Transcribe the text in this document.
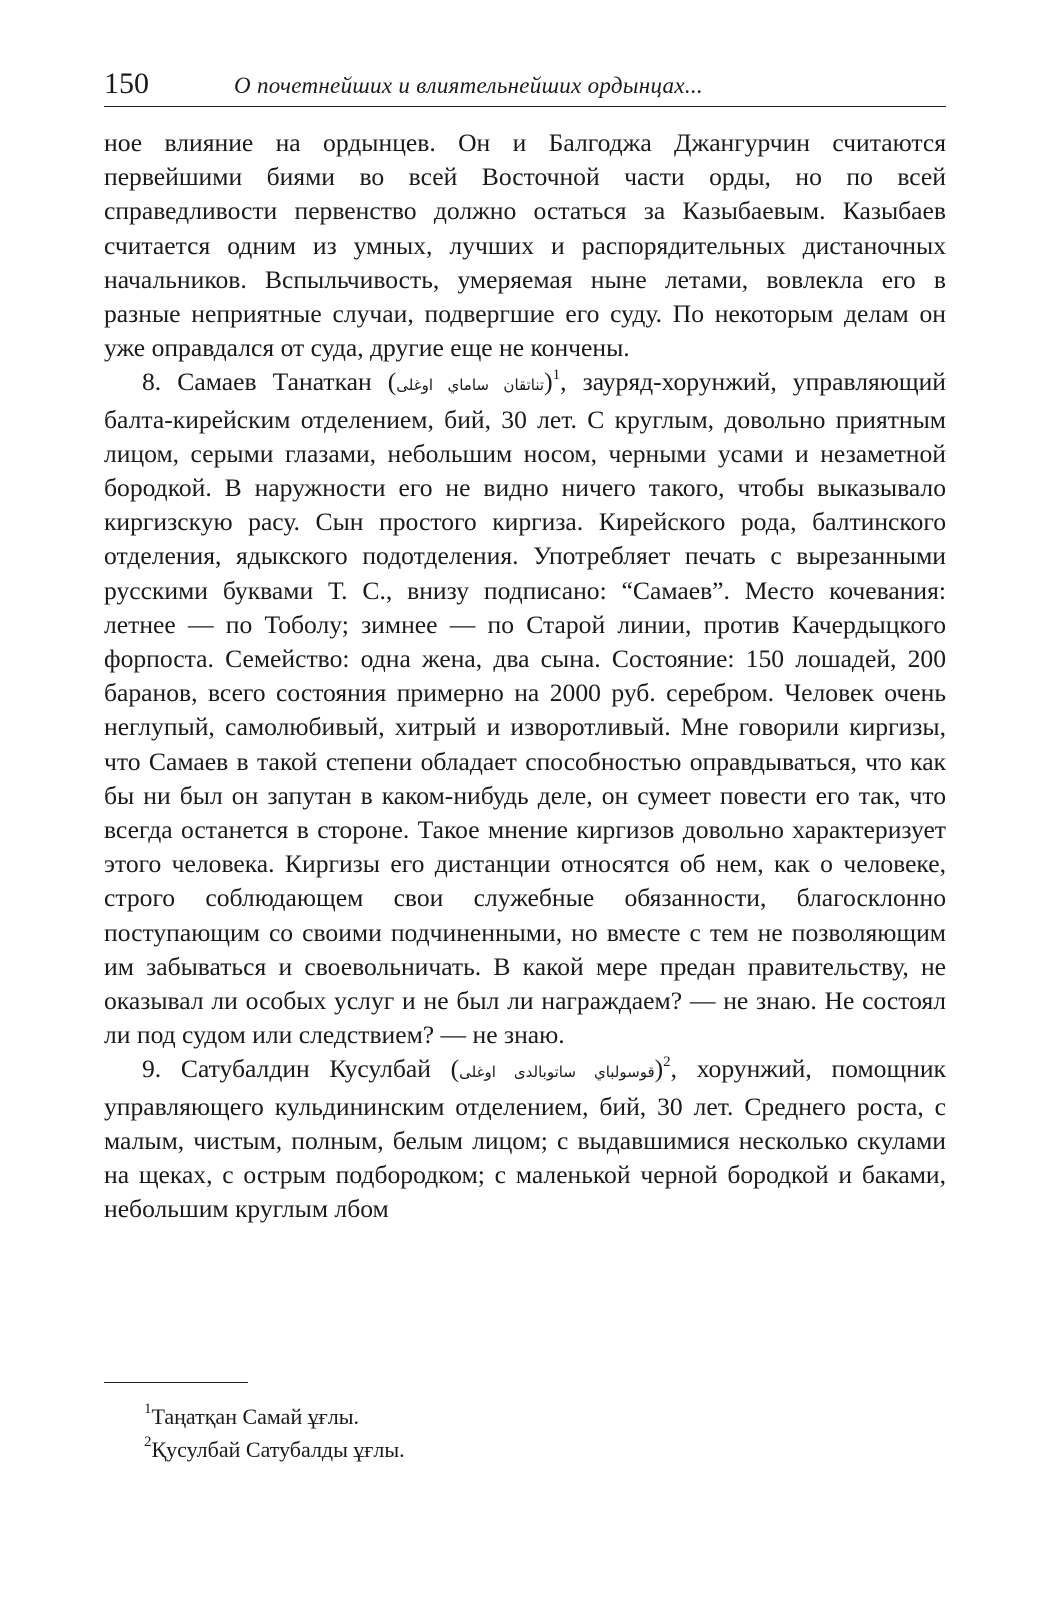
150	О почетнейших и влиятельнейших ордынцах...

ное влияние на ордынцев. Он и Балгоджа Джангурчин считаются первейшими биями во всей Восточной части орды, но по всей справедливости первенство должно остаться за Казыбаевым. Казыбаев считается одним из умных, лучших и распорядительных дистаночных начальников. Вспыльчивость, умеряемая ныне летами, вовлекла его в разные неприятные случаи, подвергшие его суду. По некоторым делам он уже оправдался от суда, другие еще не кончены.

8. Самаев Танаткан (ﺗﻨﺎﺗﻘﺎﻥ ﺳﺎﻣﺎﻱ ﺍﻭﻏﻠﻰ)$^1$, зауряд-хорунжий, управляющий балта-кирейским отделением, бий, 30 лет. С круглым, довольно приятным лицом, серыми глазами, небольшим носом, черными усами и незаметной бородкой. В наружности его не видно ничего такого, чтобы выказывало киргизскую расу. Сын простого киргиза. Кирейского рода, балтинского отделения, ядыкского подотделения. Употребляет печать с вырезанными русскими буквами Т. С., внизу подписано: “Самаев”. Место кочевания: летнее — по Тоболу; зимнее — по Старой линии, против Качердыцкого форпоста. Семейство: одна жена, два сына. Состояние: 150 лошадей, 200 баранов, всего состояния примерно на 2000 руб. серебром. Человек очень неглупый, самолюбивый, хитрый и изворотливый. Мне говорили киргизы, что Самаев в такой степени обладает способностью оправдываться, что как бы ни был он запутан в каком-нибудь деле, он сумеет повести его так, что всегда останется в стороне. Такое мнение киргизов довольно характеризует этого человека. Киргизы его дистанции относятся об нем, как о человеке, строго соблюдающем свои служебные обязанности, благосклонно поступающим со своими подчиненными, но вместе с тем не позволяющим им забываться и своевольничать. В какой мере предан правительству, не оказывал ли особых услуг и не был ли награждаем? — не знаю. Не состоял ли под судом или следствием? — не знаю.

9. Сатубалдин Кусулбай (ﻗﻮﺳﻮﻟﺒﺎﻱ ﺳﺎﺗﻮﺑﺎﻟﺪﻯ ﺍﻭﻏﻠﻰ)$^2$, хорунжий, помощник управляющего кульдининским отделением, бий, 30 лет. Среднего роста, с малым, чистым, полным, белым лицом; с выдавшимися несколько скулами на щеках, с острым подбородком; с маленькой черной бородкой и баками, небольшим круглым лбом

$^1$Таңатқан Самай ұғлы.

$^2$Қусулбай Сатубалды ұғлы.
